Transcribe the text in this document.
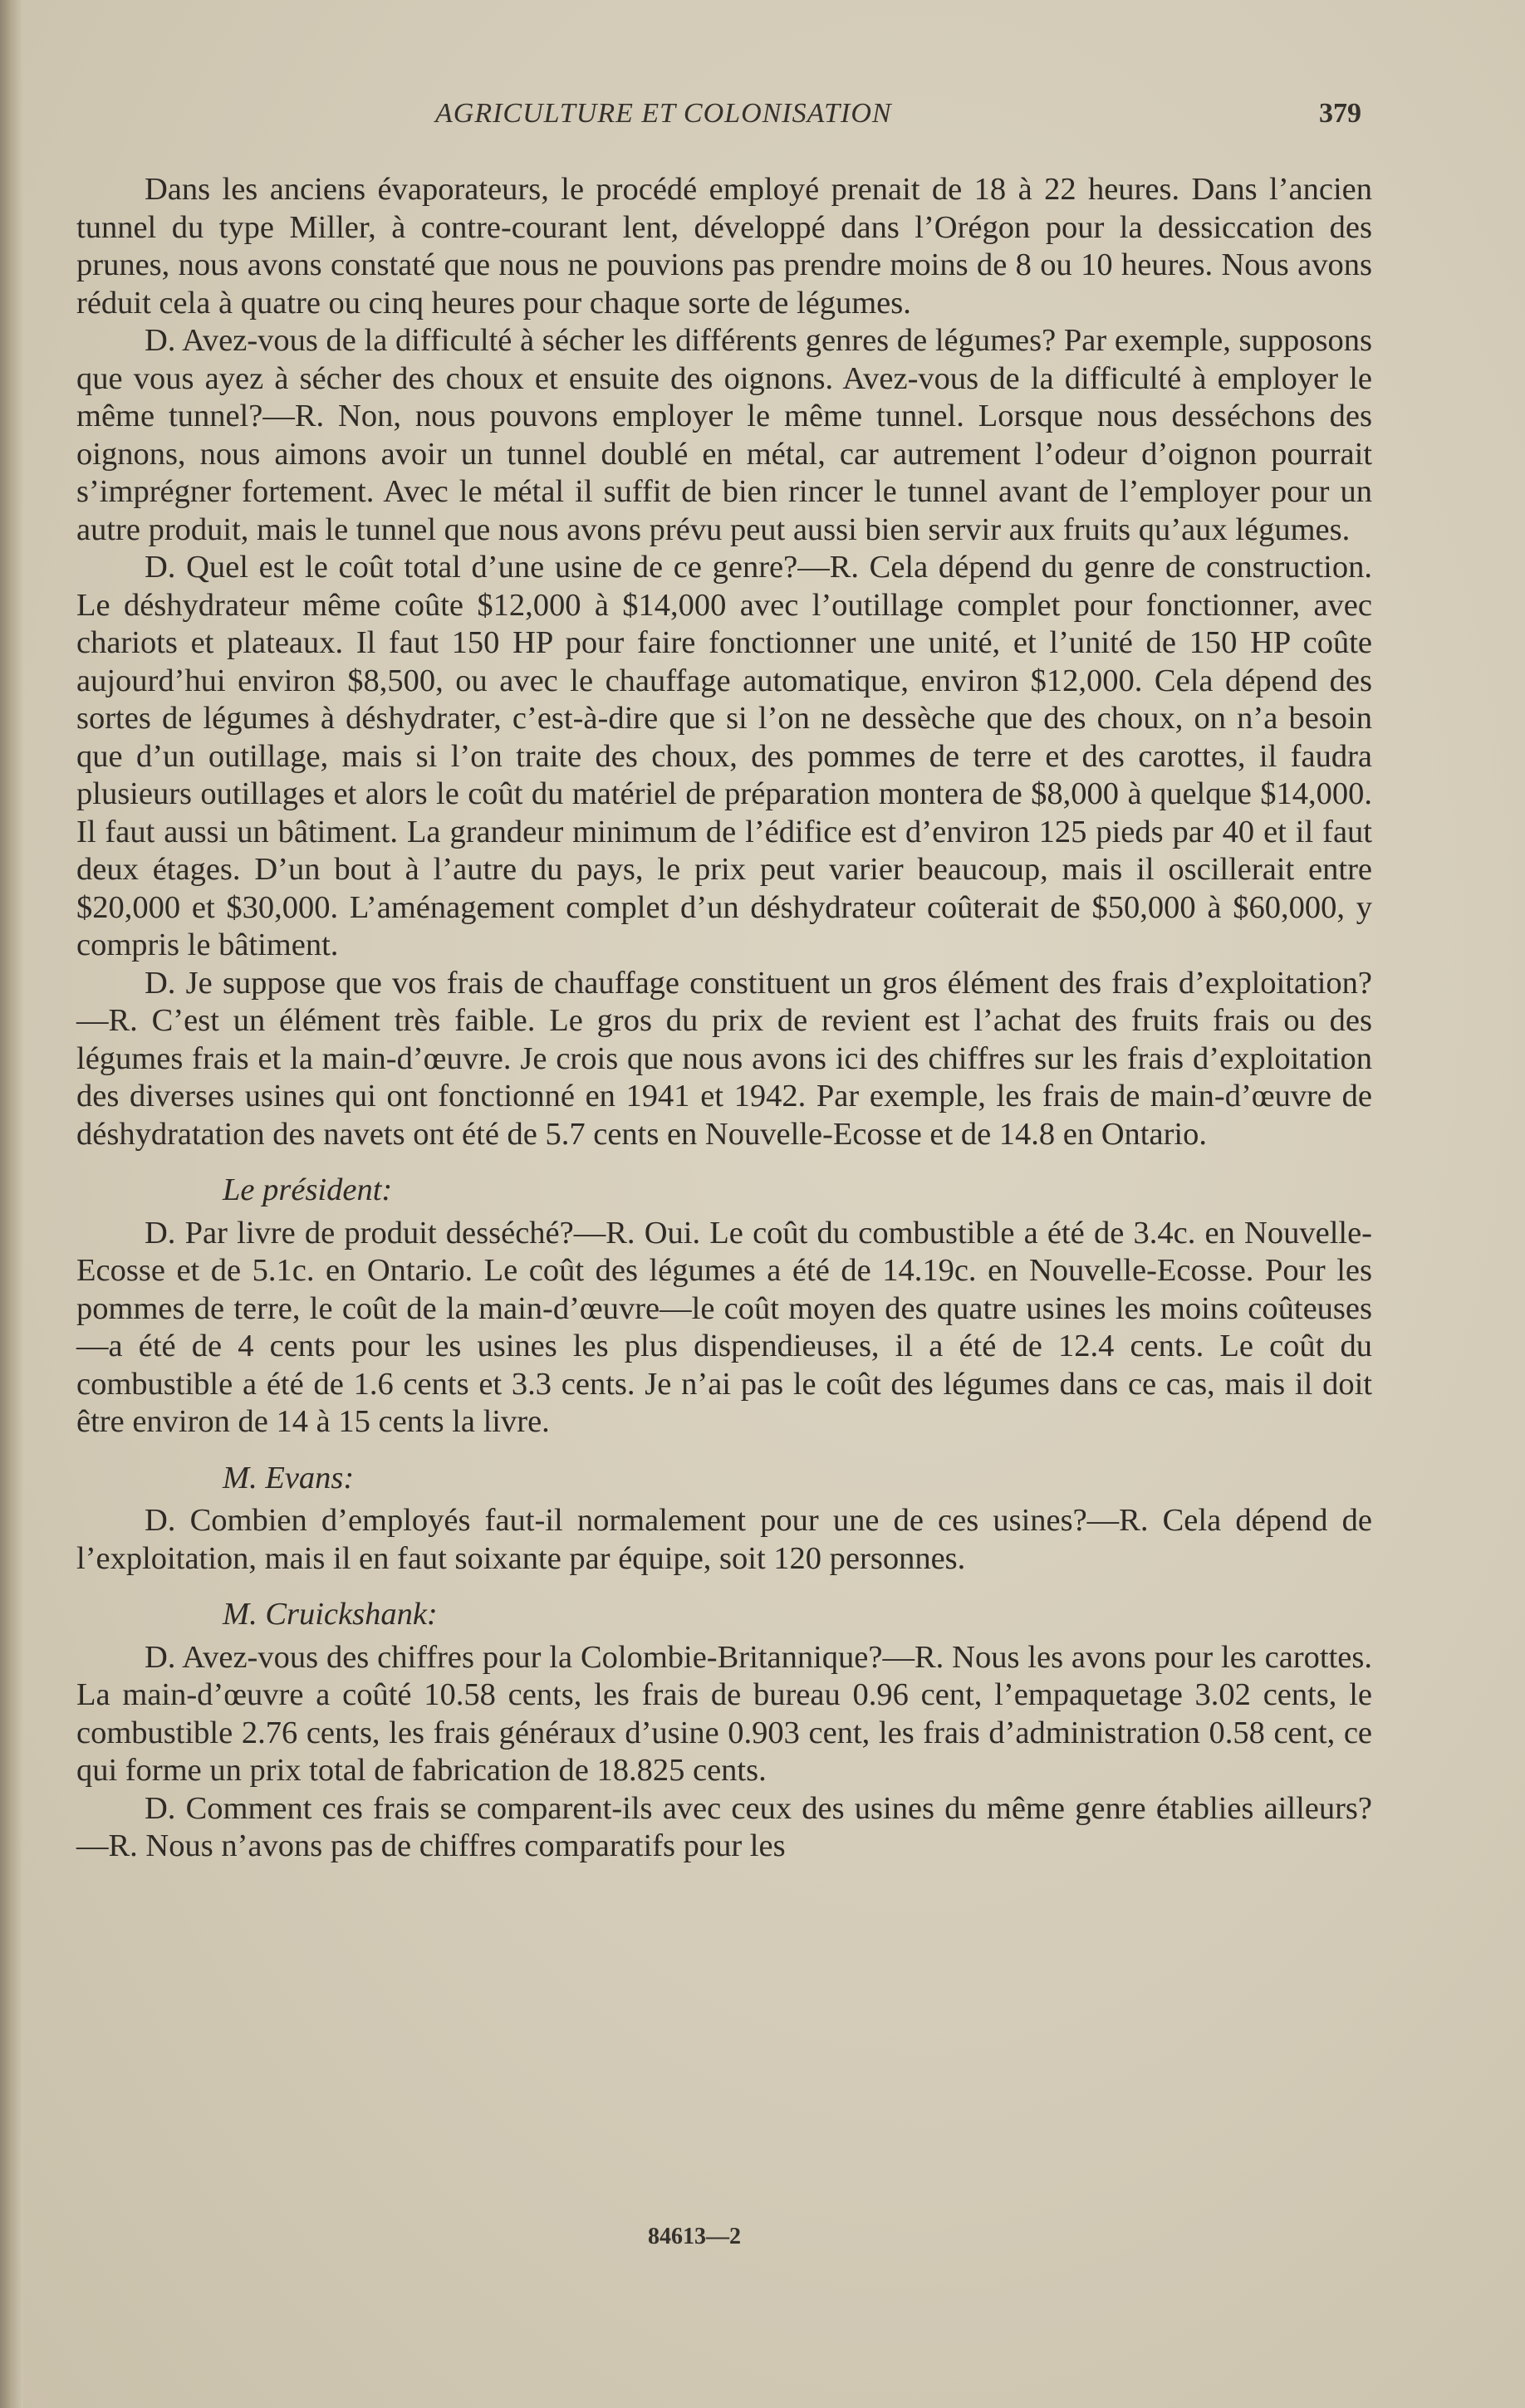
AGRICULTURE ET COLONISATION	379

Dans les anciens évaporateurs, le procédé employé prenait de 18 à 22 heures. Dans l’ancien tunnel du type Miller, à contre-courant lent, développé dans l’Orégon pour la dessiccation des prunes, nous avons constaté que nous ne pouvions pas prendre moins de 8 ou 10 heures. Nous avons réduit cela à quatre ou cinq heures pour chaque sorte de légumes.

D. Avez-vous de la difficulté à sécher les différents genres de légumes? Par exemple, supposons que vous ayez à sécher des choux et ensuite des oignons. Avez-vous de la difficulté à employer le même tunnel?—R. Non, nous pouvons employer le même tunnel. Lorsque nous desséchons des oignons, nous aimons avoir un tunnel doublé en métal, car autrement l’odeur d’oignon pourrait s’imprégner fortement. Avec le métal il suffit de bien rincer le tunnel avant de l’employer pour un autre produit, mais le tunnel que nous avons prévu peut aussi bien servir aux fruits qu’aux légumes.

D. Quel est le coût total d’une usine de ce genre?—R. Cela dépend du genre de construction. Le déshydrateur même coûte $12,000 à $14,000 avec l’outillage complet pour fonctionner, avec chariots et plateaux. Il faut 150 HP pour faire fonctionner une unité, et l’unité de 150 HP coûte aujourd’hui environ $8,500, ou avec le chauffage automatique, environ $12,000. Cela dépend des sortes de légumes à déshydrater, c’est-à-dire que si l’on ne dessèche que des choux, on n’a besoin que d’un outillage, mais si l’on traite des choux, des pommes de terre et des carottes, il faudra plusieurs outillages et alors le coût du matériel de préparation montera de $8,000 à quelque $14,000. Il faut aussi un bâtiment. La grandeur minimum de l’édifice est d’environ 125 pieds par 40 et il faut deux étages. D’un bout à l’autre du pays, le prix peut varier beaucoup, mais il oscillerait entre $20,000 et $30,000. L’aménagement complet d’un déshydrateur coûterait de $50,000 à $60,000, y compris le bâtiment.

D. Je suppose que vos frais de chauffage constituent un gros élément des frais d’exploitation?—R. C’est un élément très faible. Le gros du prix de revient est l’achat des fruits frais ou des légumes frais et la main-d’œuvre. Je crois que nous avons ici des chiffres sur les frais d’exploitation des diverses usines qui ont fonctionné en 1941 et 1942. Par exemple, les frais de main-d’œuvre de déshydratation des navets ont été de 5.7 cents en Nouvelle-Ecosse et de 14.8 en Ontario.

Le président:

D. Par livre de produit desséché?—R. Oui. Le coût du combustible a été de 3.4c. en Nouvelle-Ecosse et de 5.1c. en Ontario. Le coût des légumes a été de 14.19c. en Nouvelle-Ecosse. Pour les pommes de terre, le coût de la main-d’œuvre—le coût moyen des quatre usines les moins coûteuses—a été de 4 cents pour les usines les plus dispendieuses, il a été de 12.4 cents. Le coût du combustible a été de 1.6 cents et 3.3 cents. Je n’ai pas le coût des légumes dans ce cas, mais il doit être environ de 14 à 15 cents la livre.

M. Evans:

D. Combien d’employés faut-il normalement pour une de ces usines?—R. Cela dépend de l’exploitation, mais il en faut soixante par équipe, soit 120 personnes.

M. Cruickshank:

D. Avez-vous des chiffres pour la Colombie-Britannique?—R. Nous les avons pour les carottes. La main-d’œuvre a coûté 10.58 cents, les frais de bureau 0.96 cent, l’empaquetage 3.02 cents, le combustible 2.76 cents, les frais généraux d’usine 0.903 cent, les frais d’administration 0.58 cent, ce qui forme un prix total de fabrication de 18.825 cents.

D. Comment ces frais se comparent-ils avec ceux des usines du même genre établies ailleurs?—R. Nous n’avons pas de chiffres comparatifs pour les

84613—2
